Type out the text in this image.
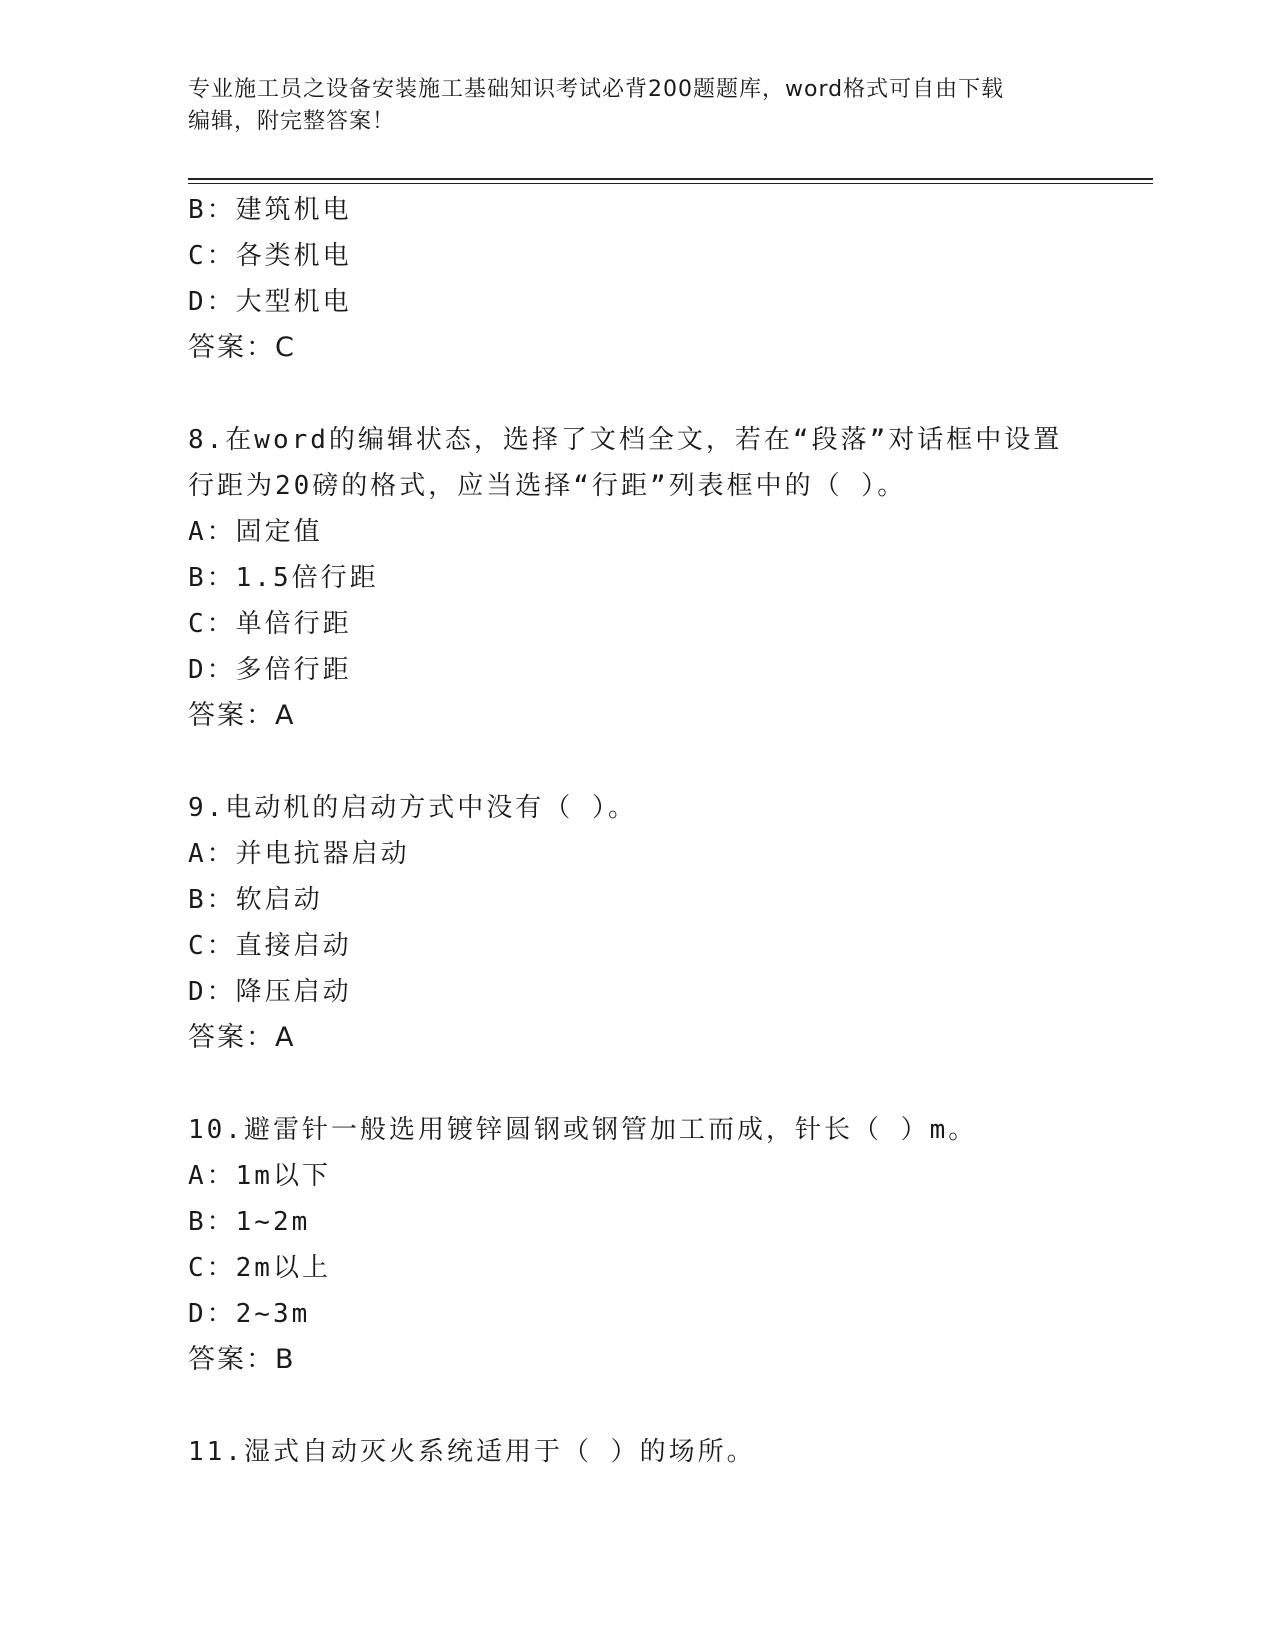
专业施工员之设备安装施工基础知识考试必背200题题库，word格式可自由下载
编辑，附完整答案！
B：建筑机电
C：各类机电
D：大型机电
答案：C
8.在word的编辑状态，选择了文档全文，若在“段落”对话框中设置
行距为20磅的格式，应当选择“行距”列表框中的（ ）。
A：固定值
B：1.5倍行距
C：单倍行距
D：多倍行距
答案：A
9.电动机的启动方式中没有（ ）。
A：并电抗器启动
B：软启动
C：直接启动
D：降压启动
答案：A
10.避雷针一般选用镀锌圆钢或钢管加工而成，针长（ ）m。
A：1m以下
B：1~2m
C：2m以上
D：2~3m
答案：B
11.湿式自动灭火系统适用于（ ）的场所。
